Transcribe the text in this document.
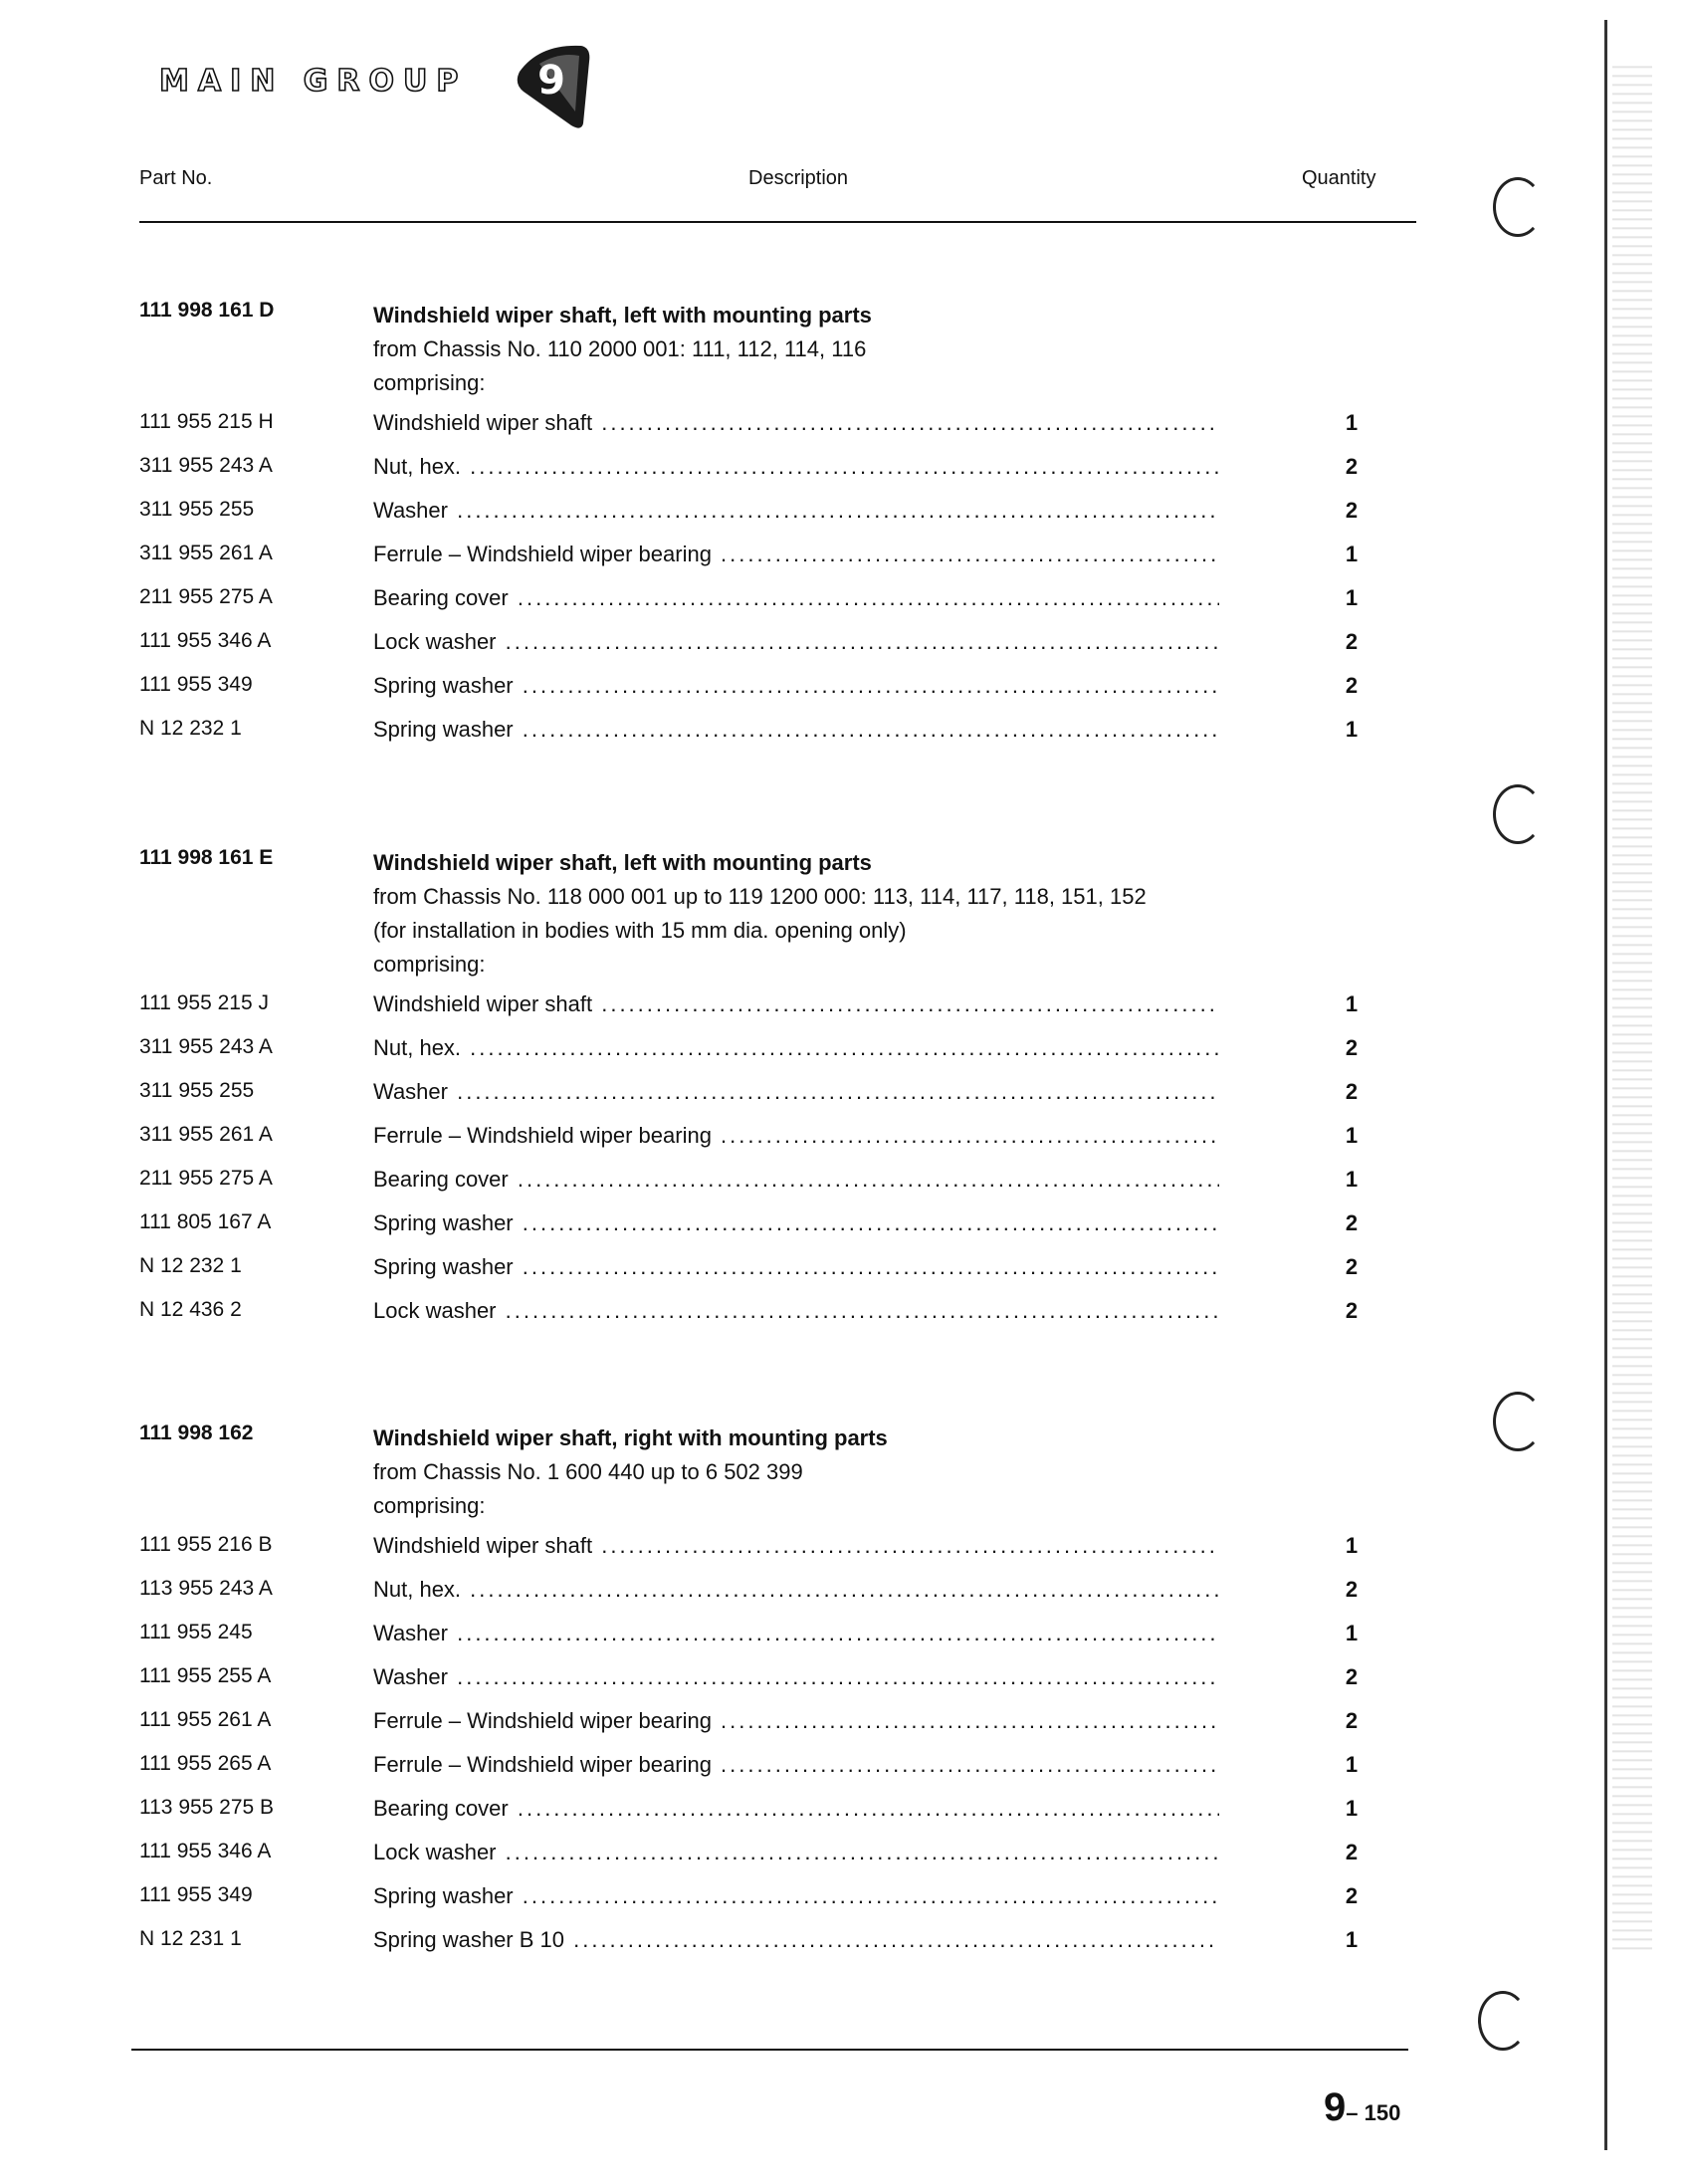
MAIN GROUP	9
Part No.	Description	Quantity
111 998 161 D	Windshield wiper shaft, left with mounting parts
from Chassis No. 110 2000 001: 111, 112, 114, 116
comprising:
111 955 215 H	Windshield wiper shaft .....	1
311 955 243 A	Nut, hex. .....	2
311 955 255	Washer .....	2
311 955 261 A	Ferrule – Windshield wiper bearing .....	1
211 955 275 A	Bearing cover .....	1
111 955 346 A	Lock washer .....	2
111 955 349	Spring washer .....	2
N 12 232 1	Spring washer .....	1
111 998 161 E	Windshield wiper shaft, left with mounting parts
from Chassis No. 118 000 001 up to 119 1200 000: 113, 114, 117, 118, 151, 152
(for installation in bodies with 15 mm dia. opening only)
comprising:
111 955 215 J	Windshield wiper shaft .....	1
311 955 243 A	Nut, hex. .....	2
311 955 255	Washer .....	2
311 955 261 A	Ferrule – Windshield wiper bearing .....	1
211 955 275 A	Bearing cover .....	1
111 805 167 A	Spring washer .....	2
N 12 232 1	Spring washer .....	2
N 12 436 2	Lock washer .....	2
111 998 162	Windshield wiper shaft, right with mounting parts
from Chassis No. 1 600 440 up to 6 502 399
comprising:
111 955 216 B	Windshield wiper shaft .....	1
113 955 243 A	Nut, hex. .....	2
111 955 245	Washer .....	1
111 955 255 A	Washer .....	2
111 955 261 A	Ferrule – Windshield wiper bearing .....	2
111 955 265 A	Ferrule – Windshield wiper bearing .....	1
113 955 275 B	Bearing cover .....	1
111 955 346 A	Lock washer .....	2
111 955 349	Spring washer .....	2
N 12 231 1	Spring washer B 10 .....	1
9– 150
